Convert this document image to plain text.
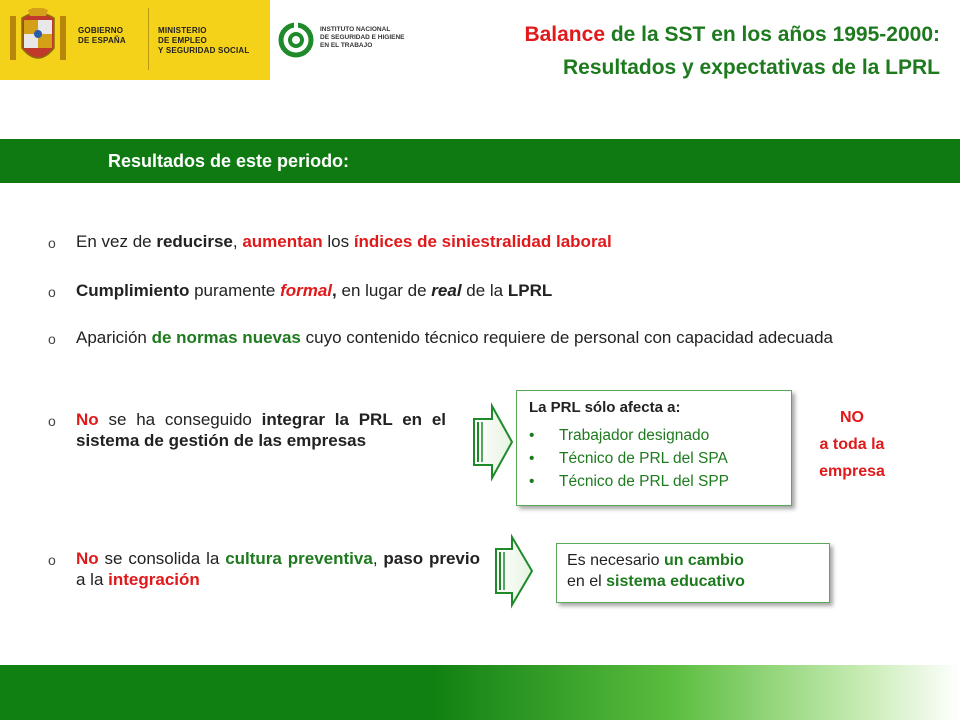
GOBIERNO
DE ESPAÑA
MINISTERIO
DE EMPLEO
Y SEGURIDAD SOCIAL
INSTITUTO NACIONAL
DE SEGURIDAD E HIGIENE
EN EL TRABAJO	Balance de la SST en los años 1995-2000:
Resultados y expectativas de la LPRL
Resultados de este periodo:
o En vez de reducirse, aumentan los índices de siniestralidad laboral
o Cumplimiento puramente formal, en lugar de real de la LPRL
o Aparición de normas nuevas cuyo contenido técnico requiere de personal con capacidad adecuada
o No se ha conseguido integrar la PRL en el sistema de gestión de las empresas
o No se consolida la cultura preventiva, paso previo a la integración
La PRL sólo afecta a:
• Trabajador designado
• Técnico de PRL del SPA
• Técnico de PRL del SPP
NO
a toda la
empresa
Es necesario un cambio
en el sistema educativo
